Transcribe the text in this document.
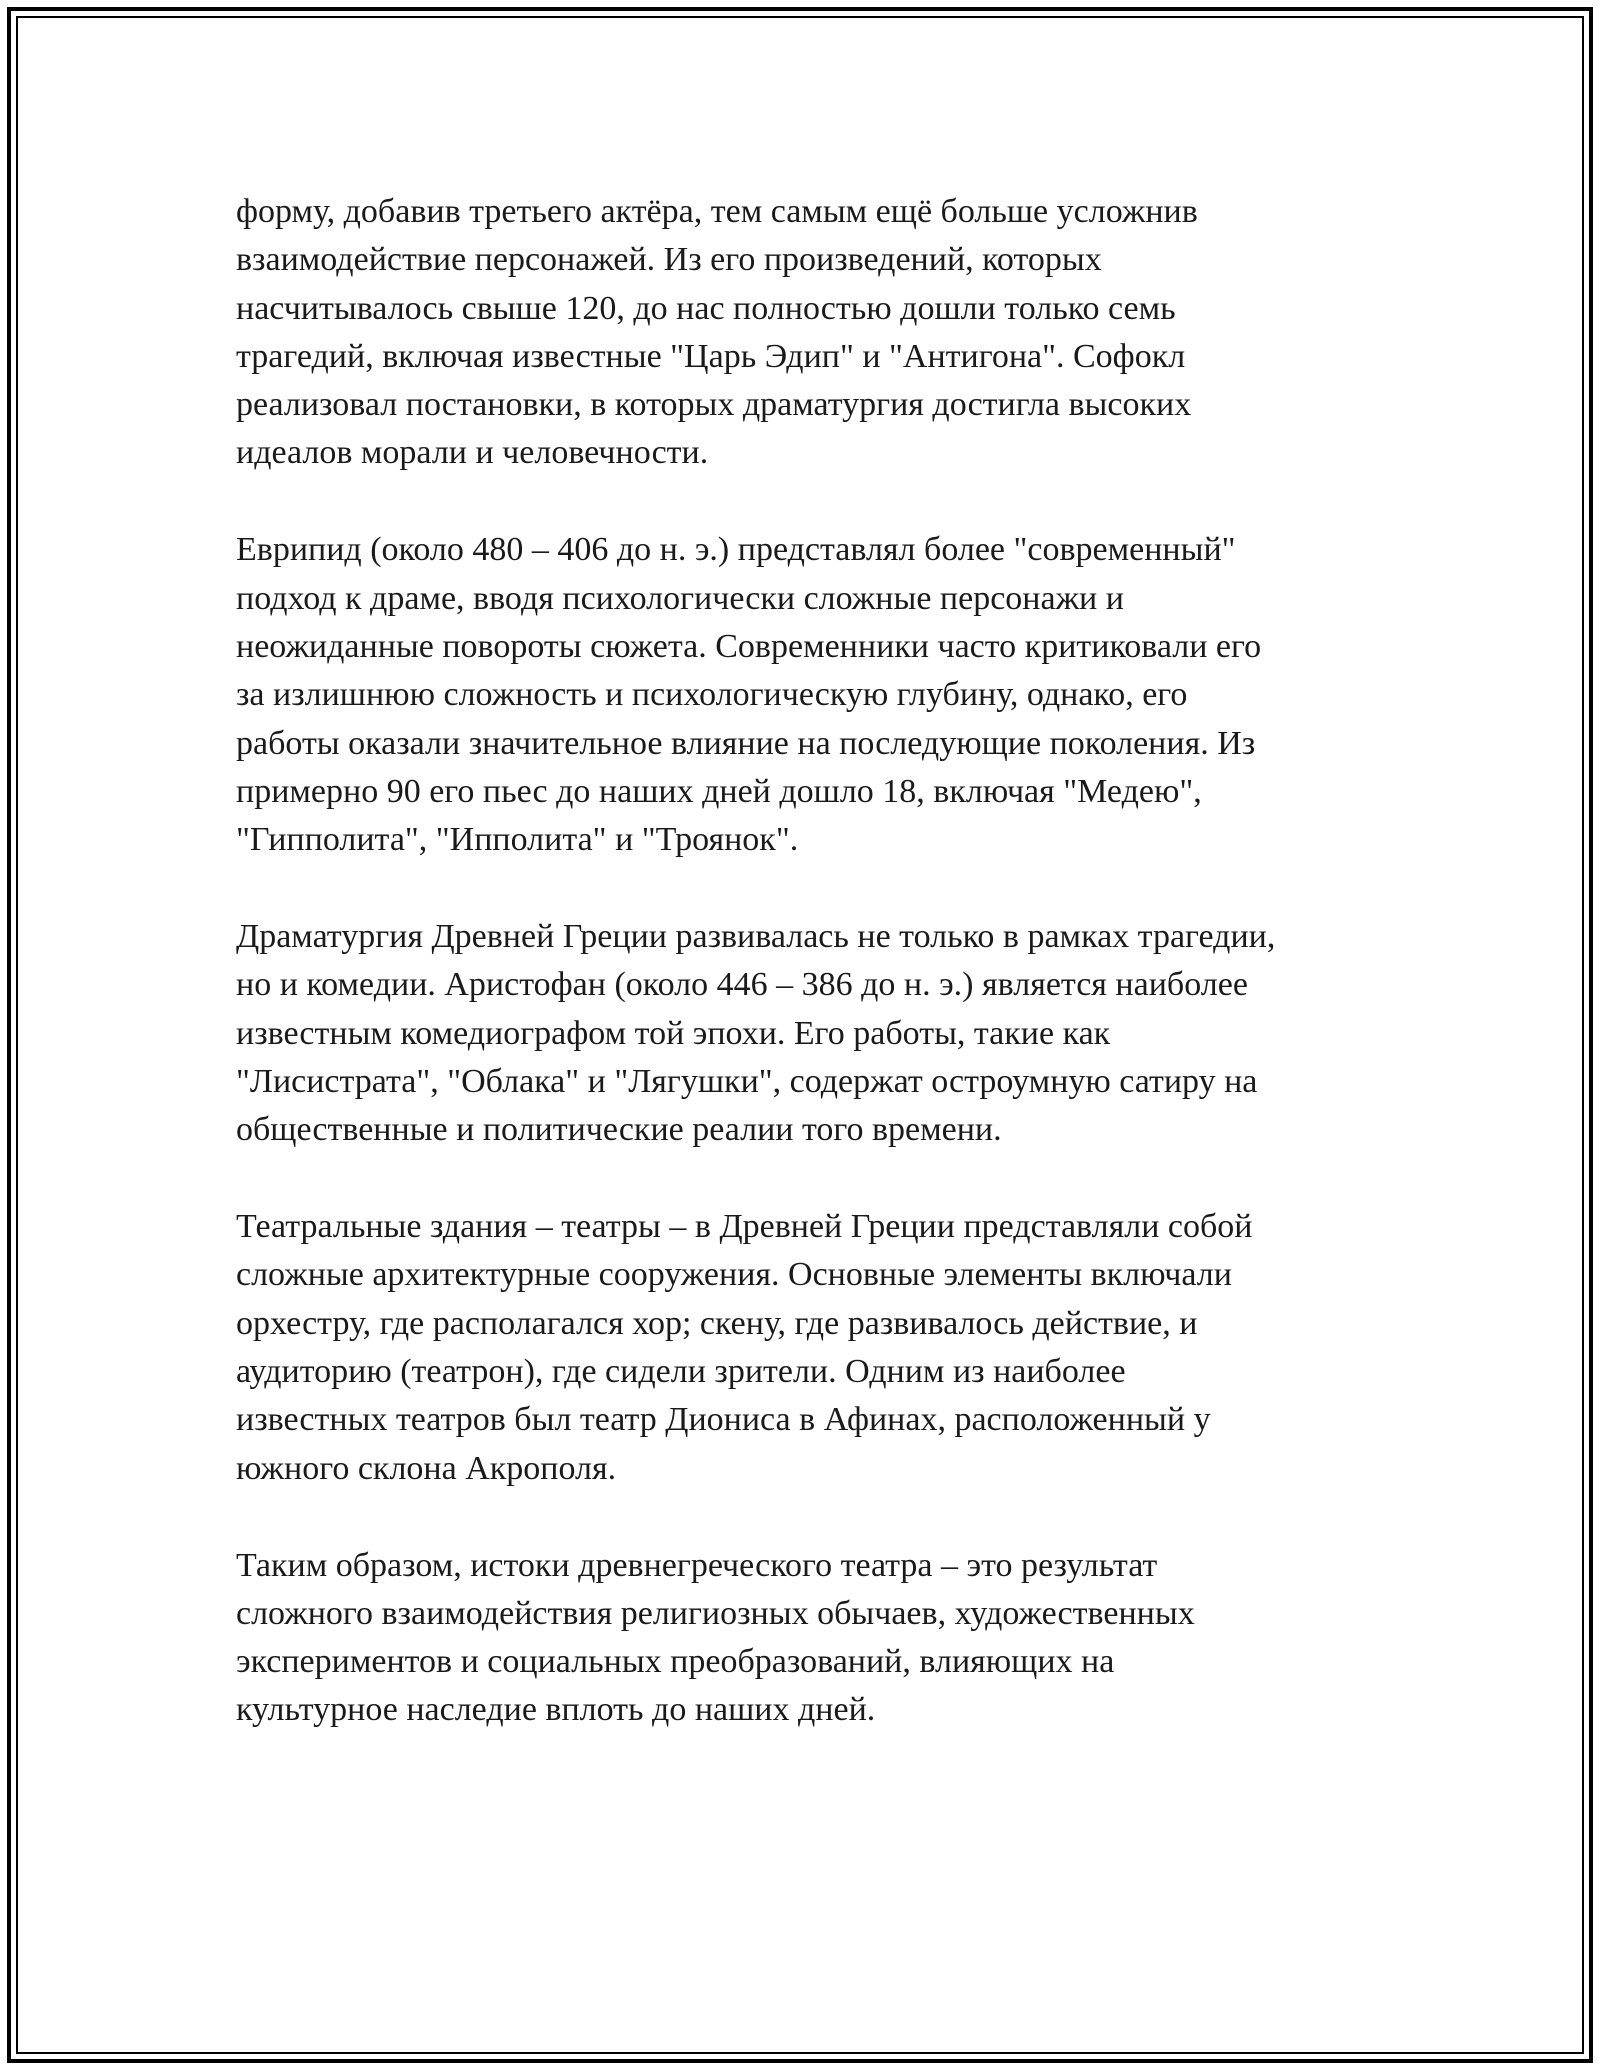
форму, добавив третьего актёра, тем самым ещё больше усложнив
взаимодействие персонажей. Из его произведений, которых
насчитывалось свыше 120, до нас полностью дошли только семь
трагедий, включая известные "Царь Эдип" и "Антигона". Софокл
реализовал постановки, в которых драматургия достигла высоких
идеалов морали и человечности.

Еврипид (около 480 – 406 до н. э.) представлял более "современный"
подход к драме, вводя психологически сложные персонажи и
неожиданные повороты сюжета. Современники часто критиковали его
за излишнюю сложность и психологическую глубину, однако, его
работы оказали значительное влияние на последующие поколения. Из
примерно 90 его пьес до наших дней дошло 18, включая "Медею",
"Гипполита", "Ипполита" и "Троянок".

Драматургия Древней Греции развивалась не только в рамках трагедии,
но и комедии. Аристофан (около 446 – 386 до н. э.) является наиболее
известным комедиографом той эпохи. Его работы, такие как
"Лисистрата", "Облака" и "Лягушки", содержат остроумную сатиру на
общественные и политические реалии того времени.

Театральные здания – театры – в Древней Греции представляли собой
сложные архитектурные сооружения. Основные элементы включали
орхестру, где располагался хор; скену, где развивалось действие, и
аудиторию (театрон), где сидели зрители. Одним из наиболее
известных театров был театр Диониса в Афинах, расположенный у
южного склона Акрополя.

Таким образом, истоки древнегреческого театра – это результат
сложного взаимодействия религиозных обычаев, художественных
экспериментов и социальных преобразований, влияющих на
культурное наследие вплоть до наших дней.
